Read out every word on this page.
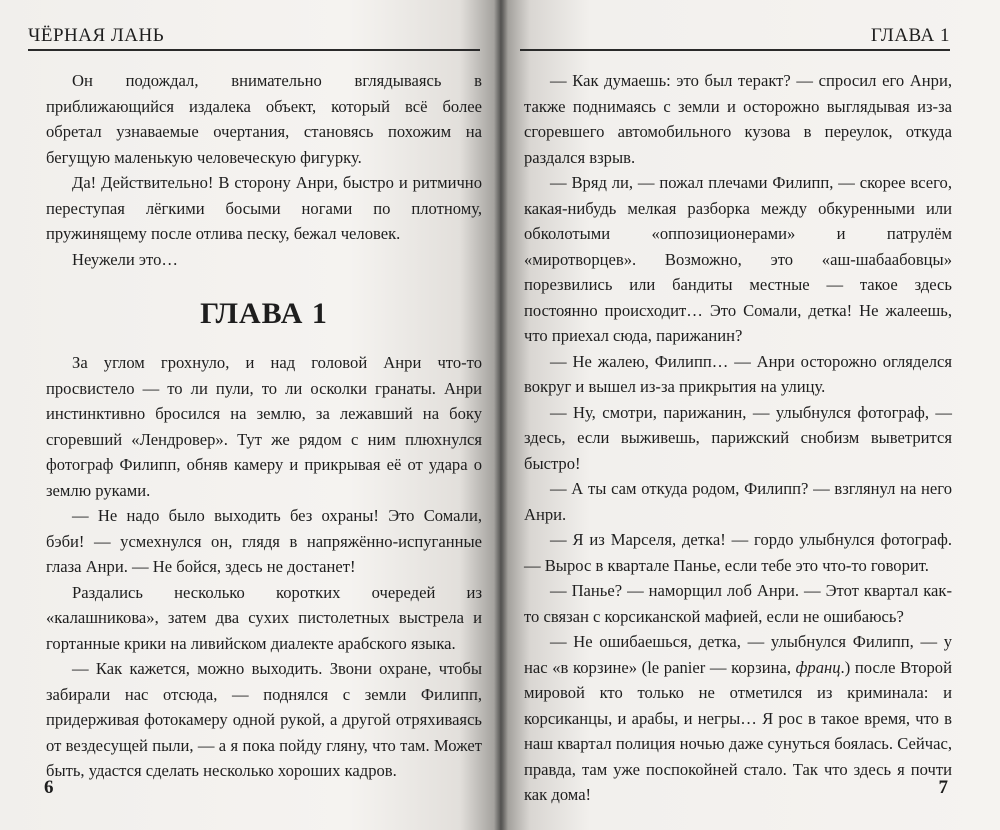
ЧЁРНАЯ ЛАНЬ

Он подождал, внимательно вглядываясь в приближающийся издалека объект, который всё более обретал узнаваемые очертания, становясь похожим на бегущую маленькую человеческую фигурку.

Да! Действительно! В сторону Анри, быстро и ритмично переступая лёгкими босыми ногами по плотному, пружинящему после отлива песку, бежал человек.

Неужели это…

ГЛАВА 1

За углом грохнуло, и над головой Анри что-то просвистело — то ли пули, то ли осколки гранаты. Анри инстинктивно бросился на землю, за лежавший на боку сгоревший «Лендровер». Тут же рядом с ним плюхнулся фотограф Филипп, обняв камеру и прикрывая её от удара о землю руками.

— Не надо было выходить без охраны! Это Сомали, бэби! — усмехнулся он, глядя в напряжённо-испуганные глаза Анри. — Не бойся, здесь не достанет!

Раздались несколько коротких очередей из «калашникова», затем два сухих пистолетных выстрела и гортанные крики на ливийском диалекте арабского языка.

— Как кажется, можно выходить. Звони охране, чтобы забирали нас отсюда, — поднялся с земли Филипп, придерживая фотокамеру одной рукой, а другой отряхиваясь от вездесущей пыли, — а я пока пойду гляну, что там. Может быть, удастся сделать несколько хороших кадров.

6
ГЛАВА 1

— Как думаешь: это был теракт? — спросил его Анри, также поднимаясь с земли и осторожно выглядывая из-за сгоревшего автомобильного кузова в переулок, откуда раздался взрыв.

— Вряд ли, — пожал плечами Филипп, — скорее всего, какая-нибудь мелкая разборка между обкуренными или обколотыми «оппозиционерами» и патрулём «миротворцев». Возможно, это «аш-шабаабовцы» порезвились или бандиты местные — такое здесь постоянно происходит… Это Сомали, детка! Не жалеешь, что приехал сюда, парижанин?

— Не жалею, Филипп… — Анри осторожно огляделся вокруг и вышел из-за прикрытия на улицу.

— Ну, смотри, парижанин, — улыбнулся фотограф, — здесь, если выживешь, парижский снобизм выветрится быстро!

— А ты сам откуда родом, Филипп? — взглянул на него Анри.

— Я из Марселя, детка! — гордо улыбнулся фотограф. — Вырос в квартале Панье, если тебе это что-то говорит.

— Панье? — наморщил лоб Анри. — Этот квартал как-то связан с корсиканской мафией, если не ошибаюсь?

— Не ошибаешься, детка, — улыбнулся Филипп, — у нас «в корзине» (le panier — корзина, франц.) после Второй мировой кто только не отметился из криминала: и корсиканцы, и арабы, и негры… Я рос в такое время, что в наш квартал полиция ночью даже сунуться боялась. Сейчас, правда, там уже поспокойней стало. Так что здесь я почти как дома!	7
